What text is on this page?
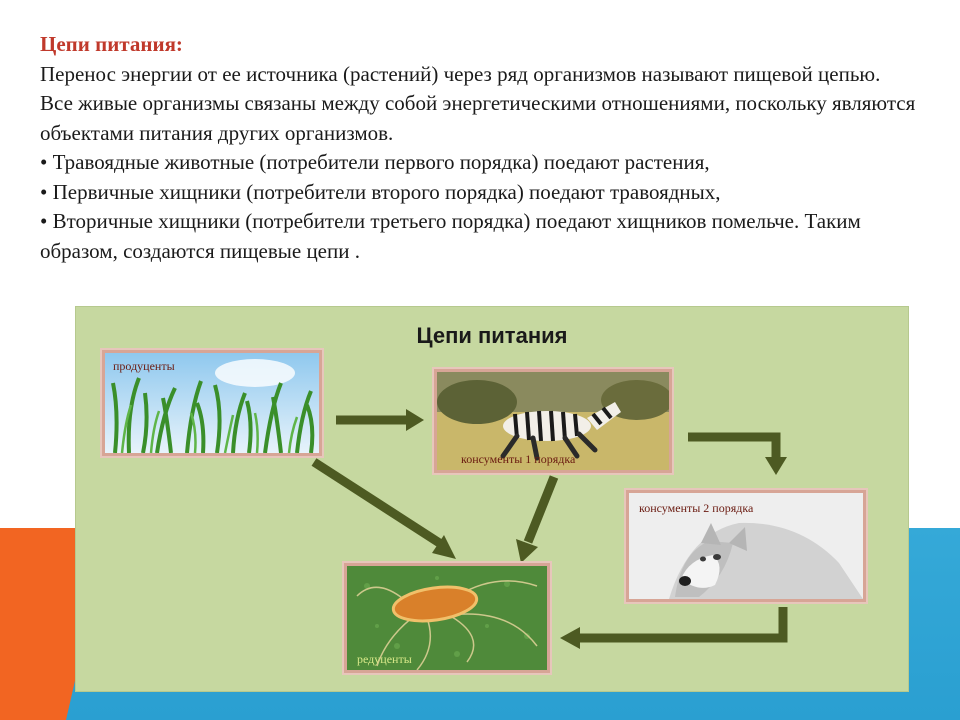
Цепи питания:

Перенос энергии от ее источника (растений) через ряд организмов называют пищевой цепью.

Все живые организмы связаны между собой энергетическими отношениями, поскольку являются объектами питания других организмов.

• Травоядные животные (потребители первого порядка) поедают растения,

• Первичные хищники (потребители второго порядка) поедают травоядных,

• Вторичные хищники (потребители третьего порядка) поедают хищников помельче. Таким образом, создаются пищевые цепи .

Цепи питания
продуценты
консументы 1 порядка
консументы 2 порядка
редуценты
